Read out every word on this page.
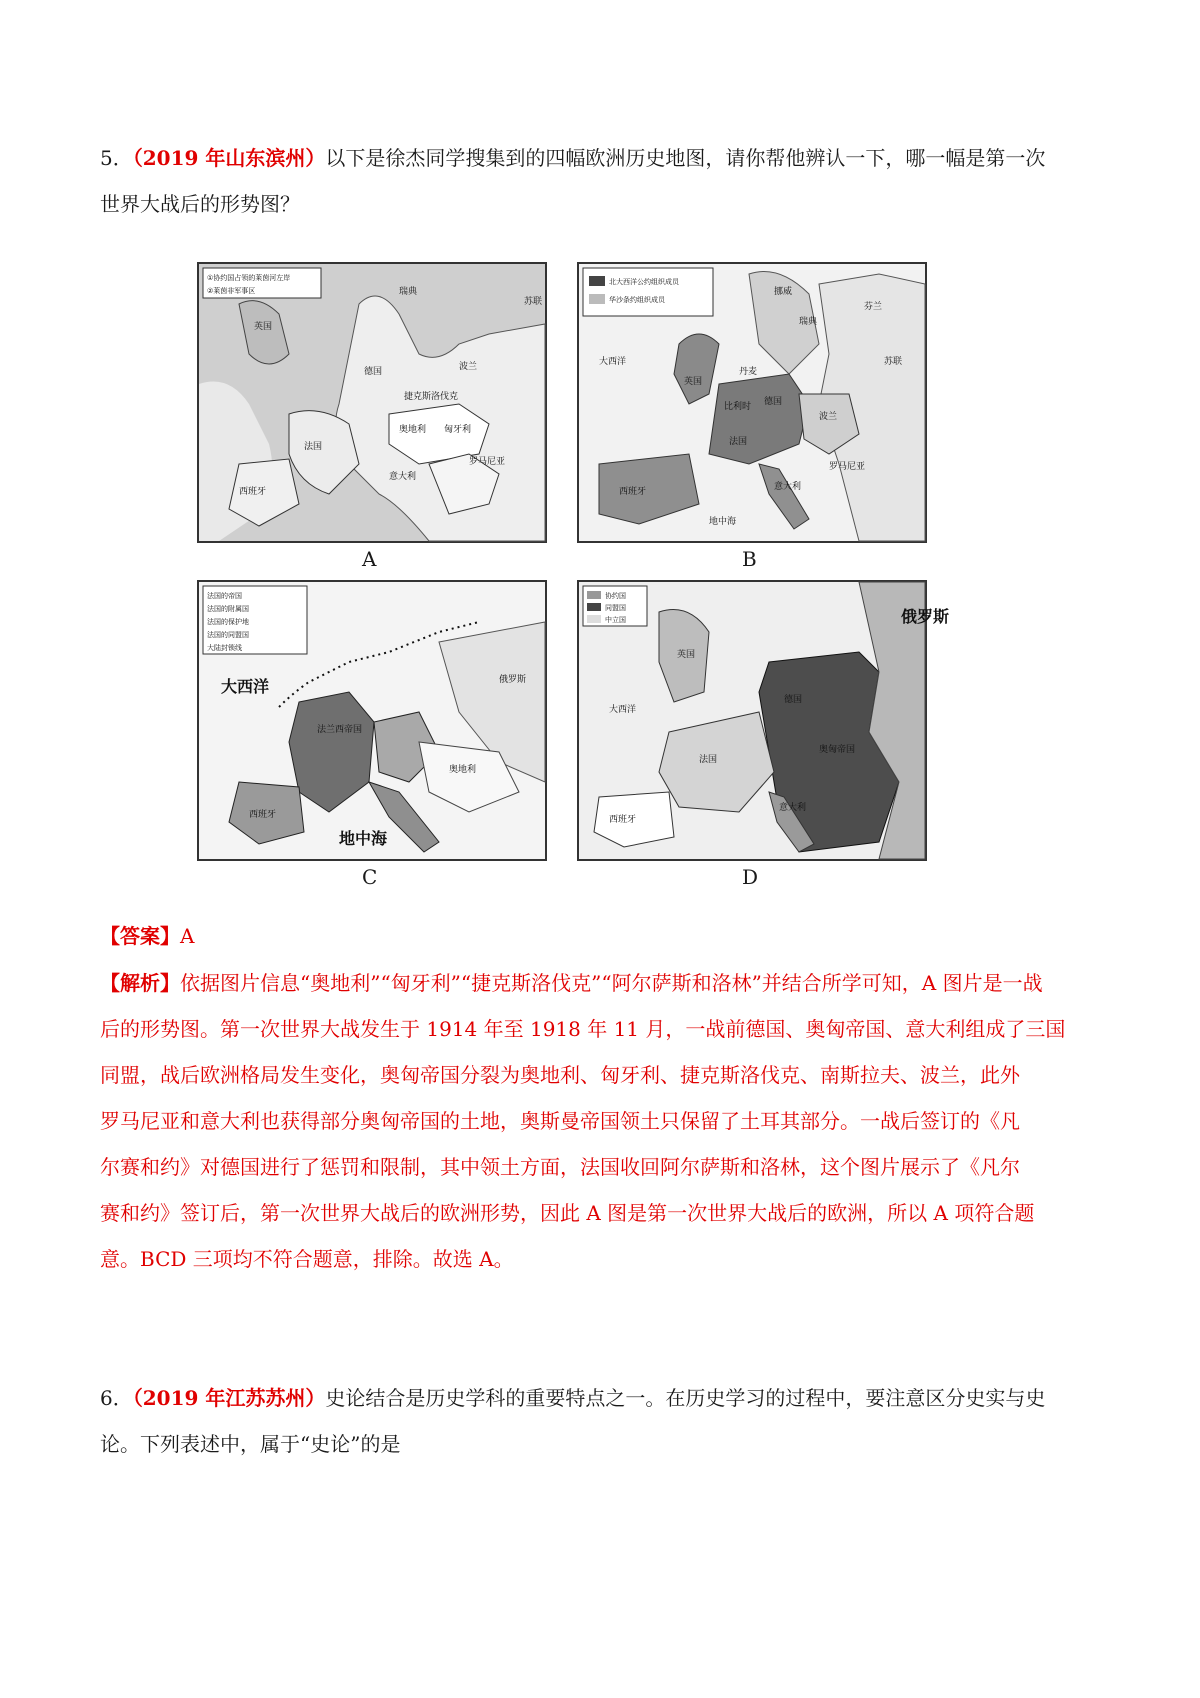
5．（2019 年山东滨州）以下是徐杰同学搜集到的四幅欧洲历史地图，请你帮他辨认一下，哪一幅是第一次
世界大战后的形势图？
①协约国占领的莱茵河左岸
②莱茵非军事区	瑞典
苏联
英国
德国	波兰
捷克斯洛伐克
奥地利 匈牙利
法国
意大利
罗马尼亚
西班牙
A
北大西洋公约组织成员
华沙条约组织成员
挪威
瑞典
芬兰
苏联
大西洋
丹麦
英国
比利时 德国
波兰
法国
罗马尼亚
西班牙	意大利
地中海
B
法国的帝国
法国的附属国
法国的保护地
法国的同盟国
大陆封锁线
大西洋
法兰西帝国
俄罗斯
奥地利
西班牙
地中海
C
协约国
同盟国
中立国	俄罗斯
英国
大西洋
法国
德国
奥匈帝国
西班牙
意大利
D
【答案】A
【解析】依据图片信息“奥地利”“匈牙利”“捷克斯洛伐克”“阿尔萨斯和洛林”并结合所学可知，A 图片是一战
后的形势图。第一次世界大战发生于 1914 年至 1918 年 11 月，一战前德国、奥匈帝国、意大利组成了三国
同盟，战后欧洲格局发生变化，奥匈帝国分裂为奥地利、匈牙利、捷克斯洛伐克、南斯拉夫、波兰，此外
罗马尼亚和意大利也获得部分奥匈帝国的土地，奥斯曼帝国领土只保留了土耳其部分。一战后签订的《凡
尔赛和约》对德国进行了惩罚和限制，其中领土方面，法国收回阿尔萨斯和洛林，这个图片展示了《凡尔
赛和约》签订后，第一次世界大战后的欧洲形势，因此 A 图是第一次世界大战后的欧洲，所以 A 项符合题
意。BCD 三项均不符合题意，排除。故选 A。
6．（2019 年江苏苏州）史论结合是历史学科的重要特点之一。在历史学习的过程中，要注意区分史实与史
论。下列表述中，属于“史论”的是
